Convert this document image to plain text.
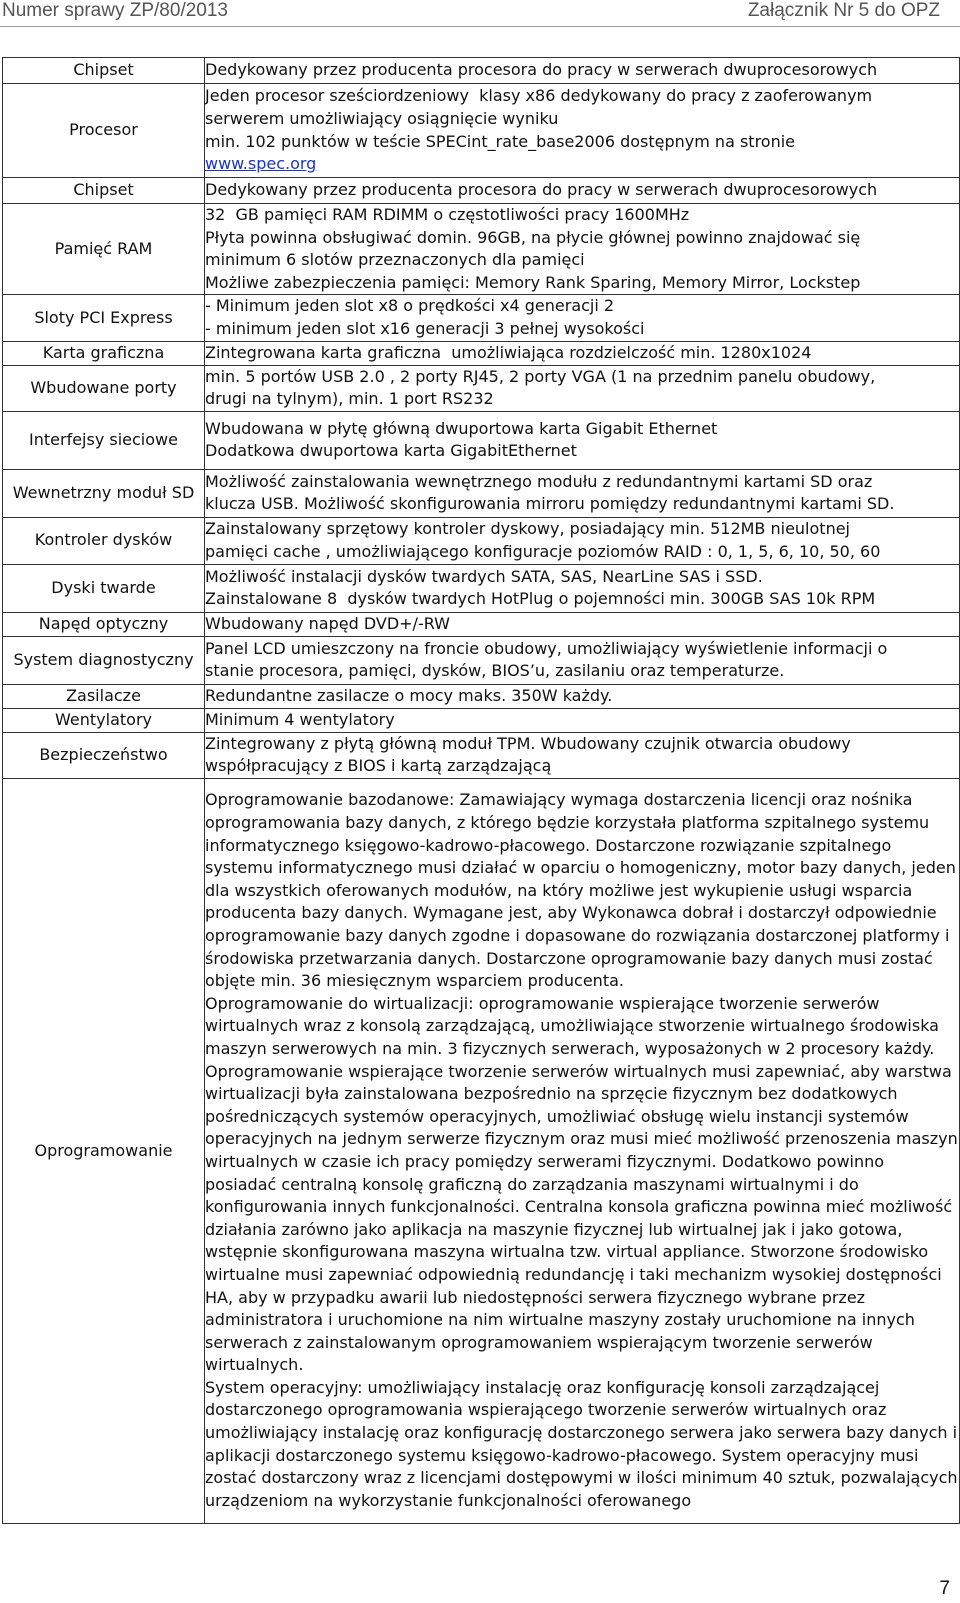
Numer sprawy ZP/80/2013	Załącznik Nr 5 do OPZ
Chipset	Dedykowany przez producenta procesora do pracy w serwerach dwuprocesorowych

Procesor	Jeden procesor sześciordzeniowy  klasy x86 dedykowany do pracy z zaoferowanym
serwerem umożliwiający osiągnięcie wyniku
min. 102 punktów w teście SPECint_rate_base2006 dostępnym na stronie
www.spec.org

Chipset	Dedykowany przez producenta procesora do pracy w serwerach dwuprocesorowych

Pamięć RAM	32  GB pamięci RAM RDIMM o częstotliwości pracy 1600MHz
Płyta powinna obsługiwać domin. 96GB, na płycie głównej powinno znajdować się
minimum 6 slotów przeznaczonych dla pamięci
Możliwe zabezpieczenia pamięci: Memory Rank Sparing, Memory Mirror, Lockstep

Sloty PCI Express	- Minimum jeden slot x8 o prędkości x4 generacji 2
- minimum jeden slot x16 generacji 3 pełnej wysokości

Karta graficzna	Zintegrowana karta graficzna  umożliwiająca rozdzielczość min. 1280x1024

Wbudowane porty	min. 5 portów USB 2.0 , 2 porty RJ45, 2 porty VGA (1 na przednim panelu obudowy,
drugi na tylnym), min. 1 port RS232

Interfejsy sieciowe	Wbudowana w płytę główną dwuportowa karta Gigabit Ethernet
Dodatkowa dwuportowa karta GigabitEthernet

Wewnetrzny moduł SD	Możliwość zainstalowania wewnętrznego modułu z redundantnymi kartami SD oraz
klucza USB. Możliwość skonfigurowania mirroru pomiędzy redundantnymi kartami SD.

Kontroler dysków	Zainstalowany sprzętowy kontroler dyskowy, posiadający min. 512MB nieulotnej
pamięci cache , umożliwiającego konfiguracje poziomów RAID : 0, 1, 5, 6, 10, 50, 60

Dyski twarde	Możliwość instalacji dysków twardych SATA, SAS, NearLine SAS i SSD.
Zainstalowane 8  dysków twardych HotPlug o pojemności min. 300GB SAS 10k RPM

Napęd optyczny	Wbudowany napęd DVD+/-RW

System diagnostyczny	Panel LCD umieszczony na froncie obudowy, umożliwiający wyświetlenie informacji o
stanie procesora, pamięci, dysków, BIOS’u, zasilaniu oraz temperaturze.

Zasilacze	Redundantne zasilacze o mocy maks. 350W każdy.

Wentylatory	Minimum 4 wentylatory

Bezpieczeństwo	Zintegrowany z płytą główną moduł TPM. Wbudowany czujnik otwarcia obudowy
współpracujący z BIOS i kartą zarządzającą

Oprogramowanie	Oprogramowanie bazodanowe: Zamawiający wymaga dostarczenia licencji oraz nośnika oprogramowania bazy danych, z którego będzie korzystała platforma szpitalnego systemu informatycznego księgowo-kadrowo-płacowego. Dostarczone rozwiązanie szpitalnego systemu informatycznego musi działać w oparciu o homogeniczny, motor bazy danych, jeden dla wszystkich oferowanych modułów, na który możliwe jest wykupienie usługi wsparcia producenta bazy danych. Wymagane jest, aby Wykonawca dobrał i dostarczył odpowiednie oprogramowanie bazy danych zgodne i dopasowane do rozwiązania dostarczonej platformy i środowiska przetwarzania danych. Dostarczone oprogramowanie bazy danych musi zostać objęte min. 36 miesięcznym wsparciem producenta.
Oprogramowanie do wirtualizacji: oprogramowanie wspierające tworzenie serwerów wirtualnych wraz z konsolą zarządzającą, umożliwiające stworzenie wirtualnego środowiska maszyn serwerowych na min. 3 fizycznych serwerach, wyposażonych w 2 procesory każdy. Oprogramowanie wspierające tworzenie serwerów wirtualnych musi zapewniać, aby warstwa wirtualizacji była zainstalowana bezpośrednio na sprzęcie fizycznym bez dodatkowych pośredniczących systemów operacyjnych, umożliwiać obsługę wielu instancji systemów operacyjnych na jednym serwerze fizycznym oraz musi mieć możliwość przenoszenia maszyn wirtualnych w czasie ich pracy pomiędzy serwerami fizycznymi. Dodatkowo powinno posiadać centralną konsolę graficzną do zarządzania maszynami wirtualnymi i do konfigurowania innych funkcjonalności. Centralna konsola graficzna powinna mieć możliwość działania zarówno jako aplikacja na maszynie fizycznej lub wirtualnej jak i jako gotowa, wstępnie skonfigurowana maszyna wirtualna tzw. virtual appliance. Stworzone środowisko wirtualne musi zapewniać odpowiednią redundancję i taki mechanizm wysokiej dostępności HA, aby w przypadku awarii lub niedostępności serwera fizycznego wybrane przez administratora i uruchomione na nim wirtualne maszyny zostały uruchomione na innych serwerach z zainstalowanym oprogramowaniem wspierającym tworzenie serwerów wirtualnych.
System operacyjny: umożliwiający instalację oraz konfigurację konsoli zarządzającej dostarczonego oprogramowania wspierającego tworzenie serwerów wirtualnych oraz umożliwiający instalację oraz konfigurację dostarczonego serwera jako serwera bazy danych i aplikacji dostarczonego systemu księgowo-kadrowo-płacowego. System operacyjny musi zostać dostarczony wraz z licencjami dostępowymi w ilości minimum 40 sztuk, pozwalających urządzeniom na wykorzystanie funkcjonalności oferowanego
7
